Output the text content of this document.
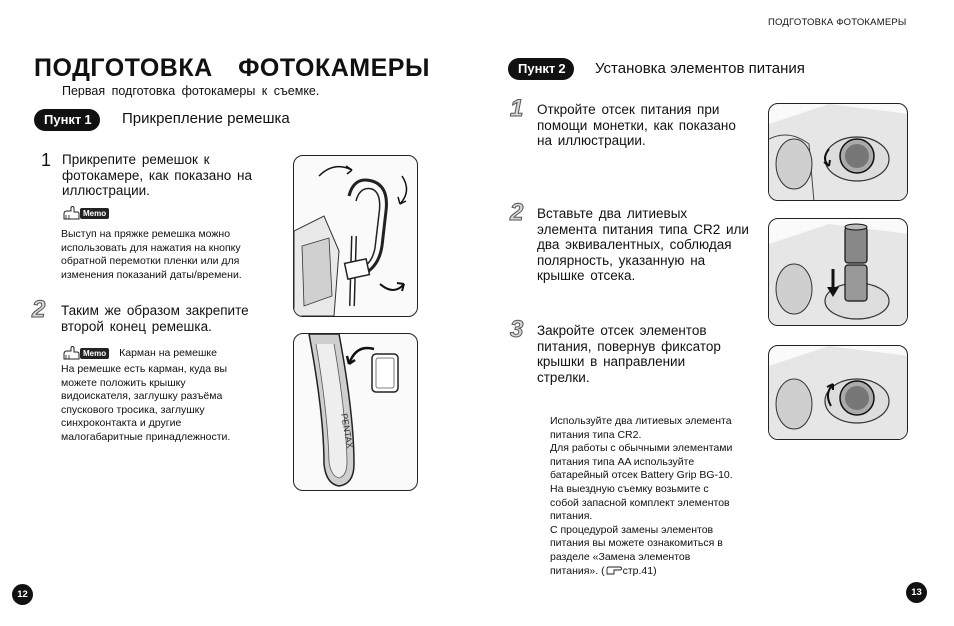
ПОДГОТОВКА ФОТОКАМЕРЫ
ПОДГОТОВКА ФОТОКАМЕРЫ
Первая подготовка фотокамеры к съемке.
Пункт 1	Прикрепление ремешка
1 Прикрепите ремешок к
фотокамере, как показано на
иллюстрации.
Memo
Выступ на пряжке ремешка можно
использовать для нажатия на кнопку
обратной перемотки пленки или для
изменения показаний даты/времени.
2 Таким же образом закрепите
второй конец ремешка.
Memo Карман на ремешке
На ремешке есть карман, куда вы
можете положить крышку
видоискателя, заглушку разъёма
спускового тросика, заглушку
синхроконтакта и другие
малогабаритные принадлежности.	PENTAX
12
Пункт 2	Установка элементов питания
1 Откройте отсек питания при
помощи монетки, как показано
на иллюстрации.
2 Вставьте два литиевых
элемента питания типа CR2 или
два эквивалентных, соблюдая
полярность, указанную на
крышке отсека.
3 Закройте отсек элементов
питания, повернув фиксатор
крышки в направлении
стрелки.
Используйте два литиевых элемента
питания типа CR2.
Для работы с обычными элементами
питания типа AA используйте
батарейный отсек Battery Grip BG-10.
На выездную съемку возьмите с
собой запасной комплект элементов
питания.
С процедурой замены элементов
питания вы можете ознакомиться в
разделе «Замена элементов
питания». ( стр.41)
13
